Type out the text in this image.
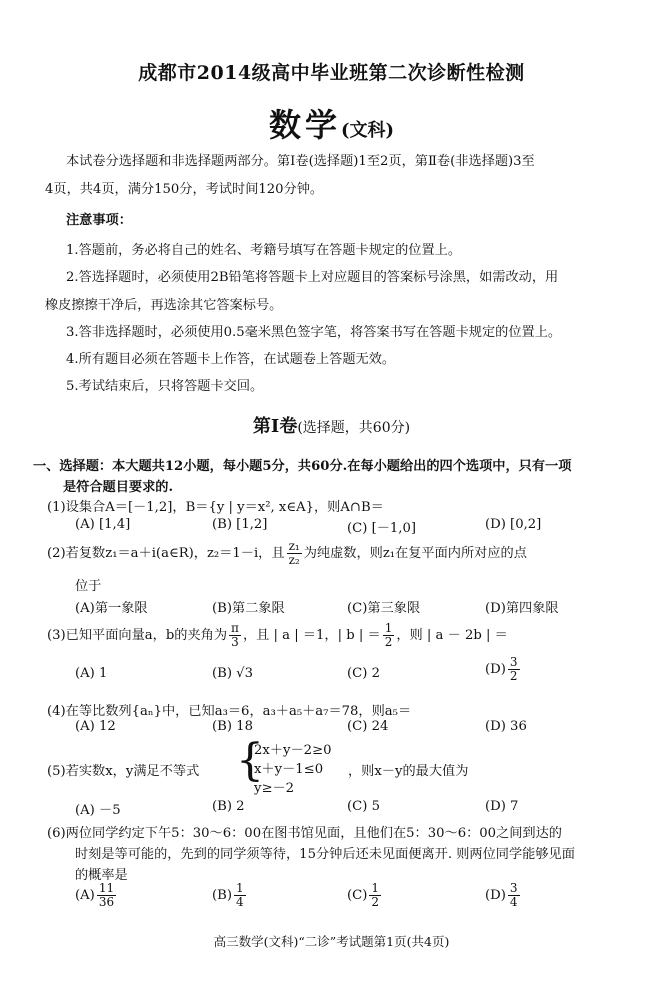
成都市2014级高中毕业班第二次诊断性检测
数学(文科)
本试卷分选择题和非选择题两部分。第Ⅰ卷(选择题)1至2页，第Ⅱ卷(非选择题)3至
4页，共4页，满分150分，考试时间120分钟。
注意事项：
1.答题前，务必将自己的姓名、考籍号填写在答题卡规定的位置上。
2.答选择题时，必须使用2B铅笔将答题卡上对应题目的答案标号涂黑，如需改动，用
橡皮擦擦干净后，再选涂其它答案标号。
3.答非选择题时，必须使用0.5毫米黑色签字笔，将答案书写在答题卡规定的位置上。
4.所有题目必须在答题卡上作答，在试题卷上答题无效。
5.考试结束后，只将答题卡交回。
第Ⅰ卷(选择题，共60分)
一、选择题：本大题共12小题，每小题5分，共60分.在每小题给出的四个选项中，只有一项
是符合题目要求的.
(1)设集合A＝[－1,2]，B＝{y | y＝x², x∈A}，则A∩B＝
(A) [1,4]	(B) [1,2]	(C) [－1,0]	(D) [0,2]
(2)若复数z₁＝a＋i(a∈R)，z₂＝1－i，且 $\frac{\text{z₁}}{\text{z₂}}$ 为纯虚数，则z₁在复平面内所对应的点
位于
(A)第一象限	(B)第二象限	(C)第三象限	(D)第四象限
(3)已知平面向量a，b的夹角为 $\frac{\pi}{3}$ ，且 | a | ＝1，| b | ＝ $\frac{1}{2}$ ，则 | a － 2b | ＝
(A) 1	(B) √3	(C) 2	$(D) \frac{3}{2}$
(4)在等比数列{aₙ}中，已知a₃＝6，a₃＋a₅＋a₇＝78，则a₅＝
(A) 12	(B) 18	(C) 24	(D) 36
(5)若实数x，y满足不等式 {
2x＋y－2≥0
x＋y－1≤0
y≥－2
，则x－y的最大值为
(A) －5	(B) 2	(C) 5	(D) 7
(6)两位同学约定下午5：30～6：00在图书馆见面，且他们在5：30～6：00之间到达的
时刻是等可能的，先到的同学须等待，15分钟后还未见面便离开. 则两位同学能够见面
的概率是
$(A) \frac{11}{36}$	$(B) \frac{1}{4}$	$(C) \frac{1}{2}$	$(D) \frac{3}{4}$
高三数学(文科)“二诊”考试题第1页(共4页)
